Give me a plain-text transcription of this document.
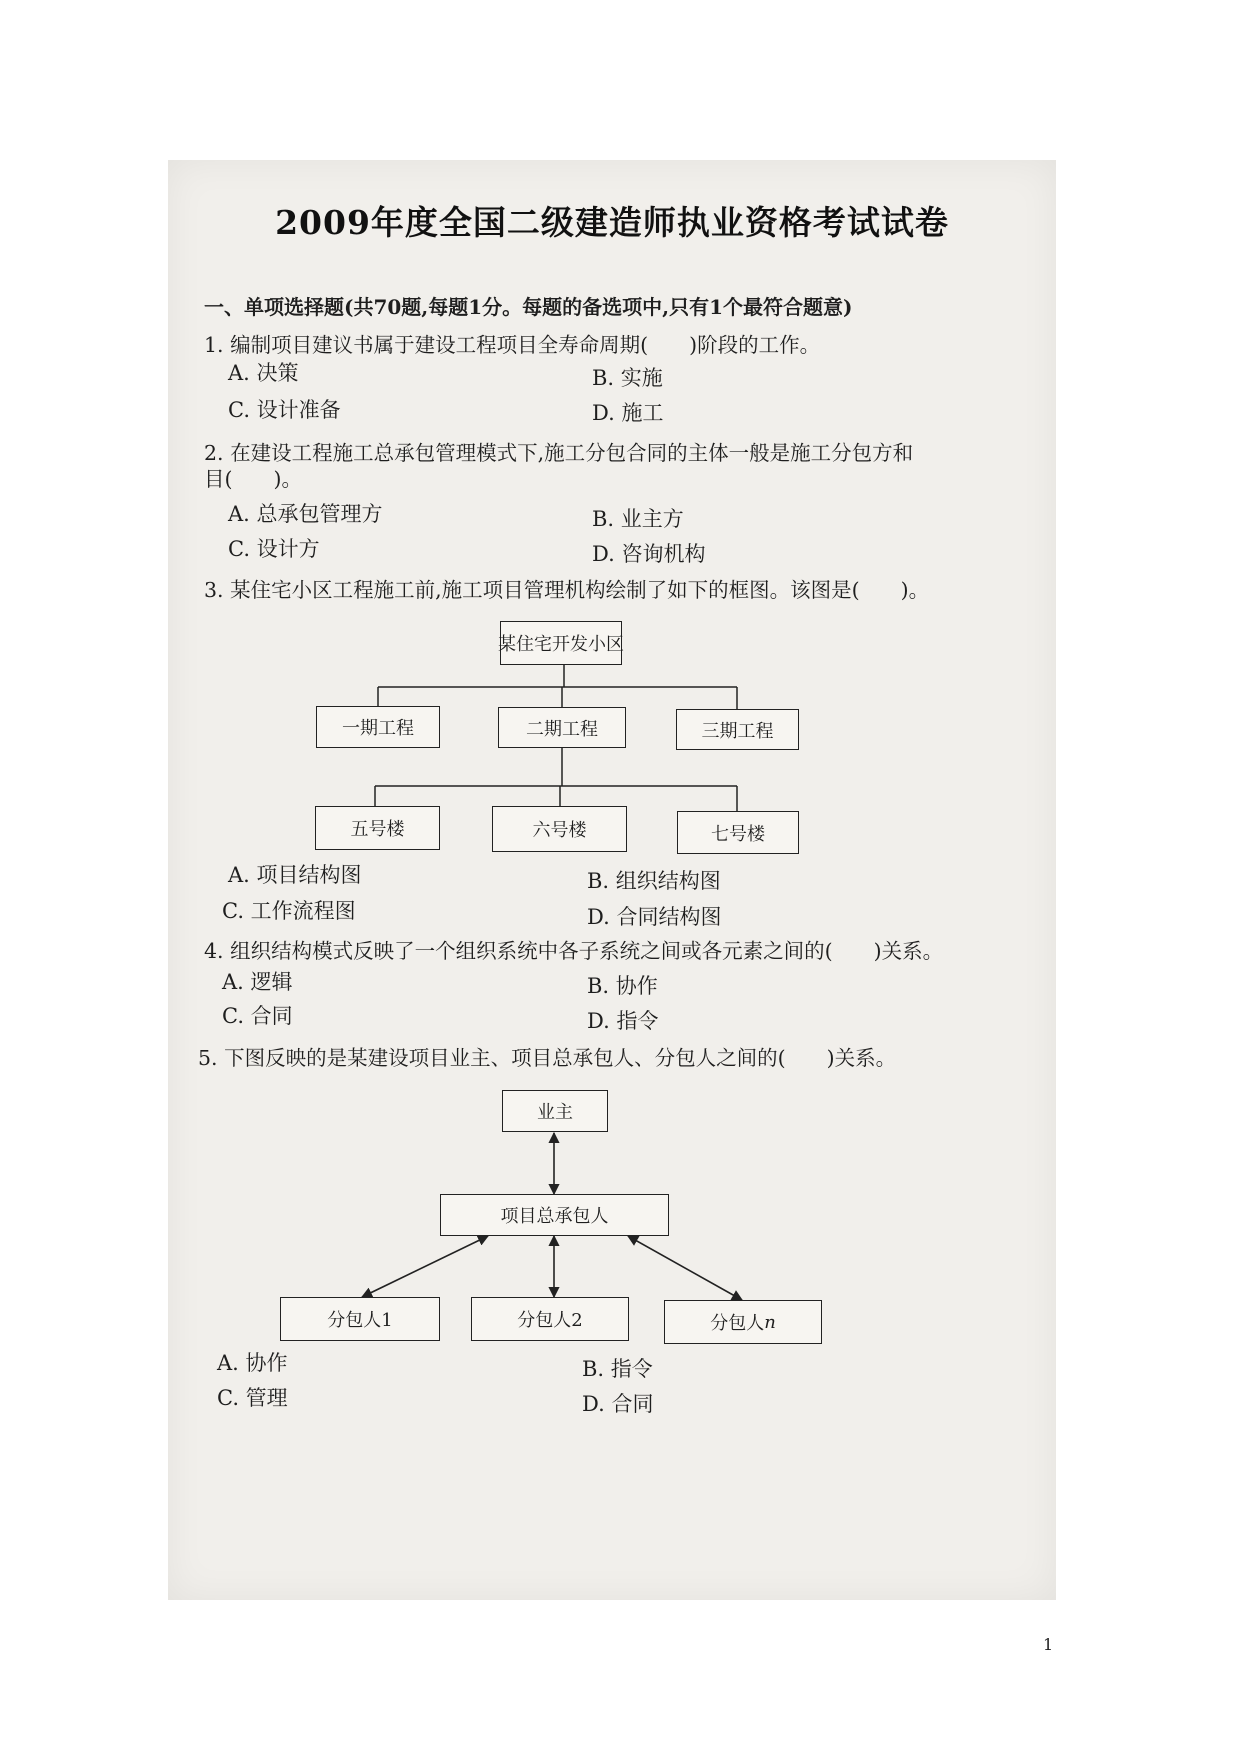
2009年度全国二级建造师执业资格考试试卷
一、单项选择题(共70题,每题1分。每题的备选项中,只有1个最符合题意)
1. 编制项目建议书属于建设工程项目全寿命周期(　　)阶段的工作。
A. 决策	B. 实施
C. 设计准备	D. 施工
2. 在建设工程施工总承包管理模式下,施工分包合同的主体一般是施工分包方和
目(　　)。
A. 总承包管理方	B. 业主方
C. 设计方	D. 咨询机构
3. 某住宅小区工程施工前,施工项目管理机构绘制了如下的框图。该图是(　　)。
某住宅开发小区
一期工程	二期工程	三期工程
五号楼	六号楼	七号楼
A. 项目结构图	B. 组织结构图
C. 工作流程图	D. 合同结构图
4. 组织结构模式反映了一个组织系统中各子系统之间或各元素之间的(　　)关系。
A. 逻辑	B. 协作
C. 合同	D. 指令
5. 下图反映的是某建设项目业主、项目总承包人、分包人之间的(　　)关系。
业主
项目总承包人
分包人1	分包人2	分包人 n
A. 协作	B. 指令
C. 管理	D. 合同
1
